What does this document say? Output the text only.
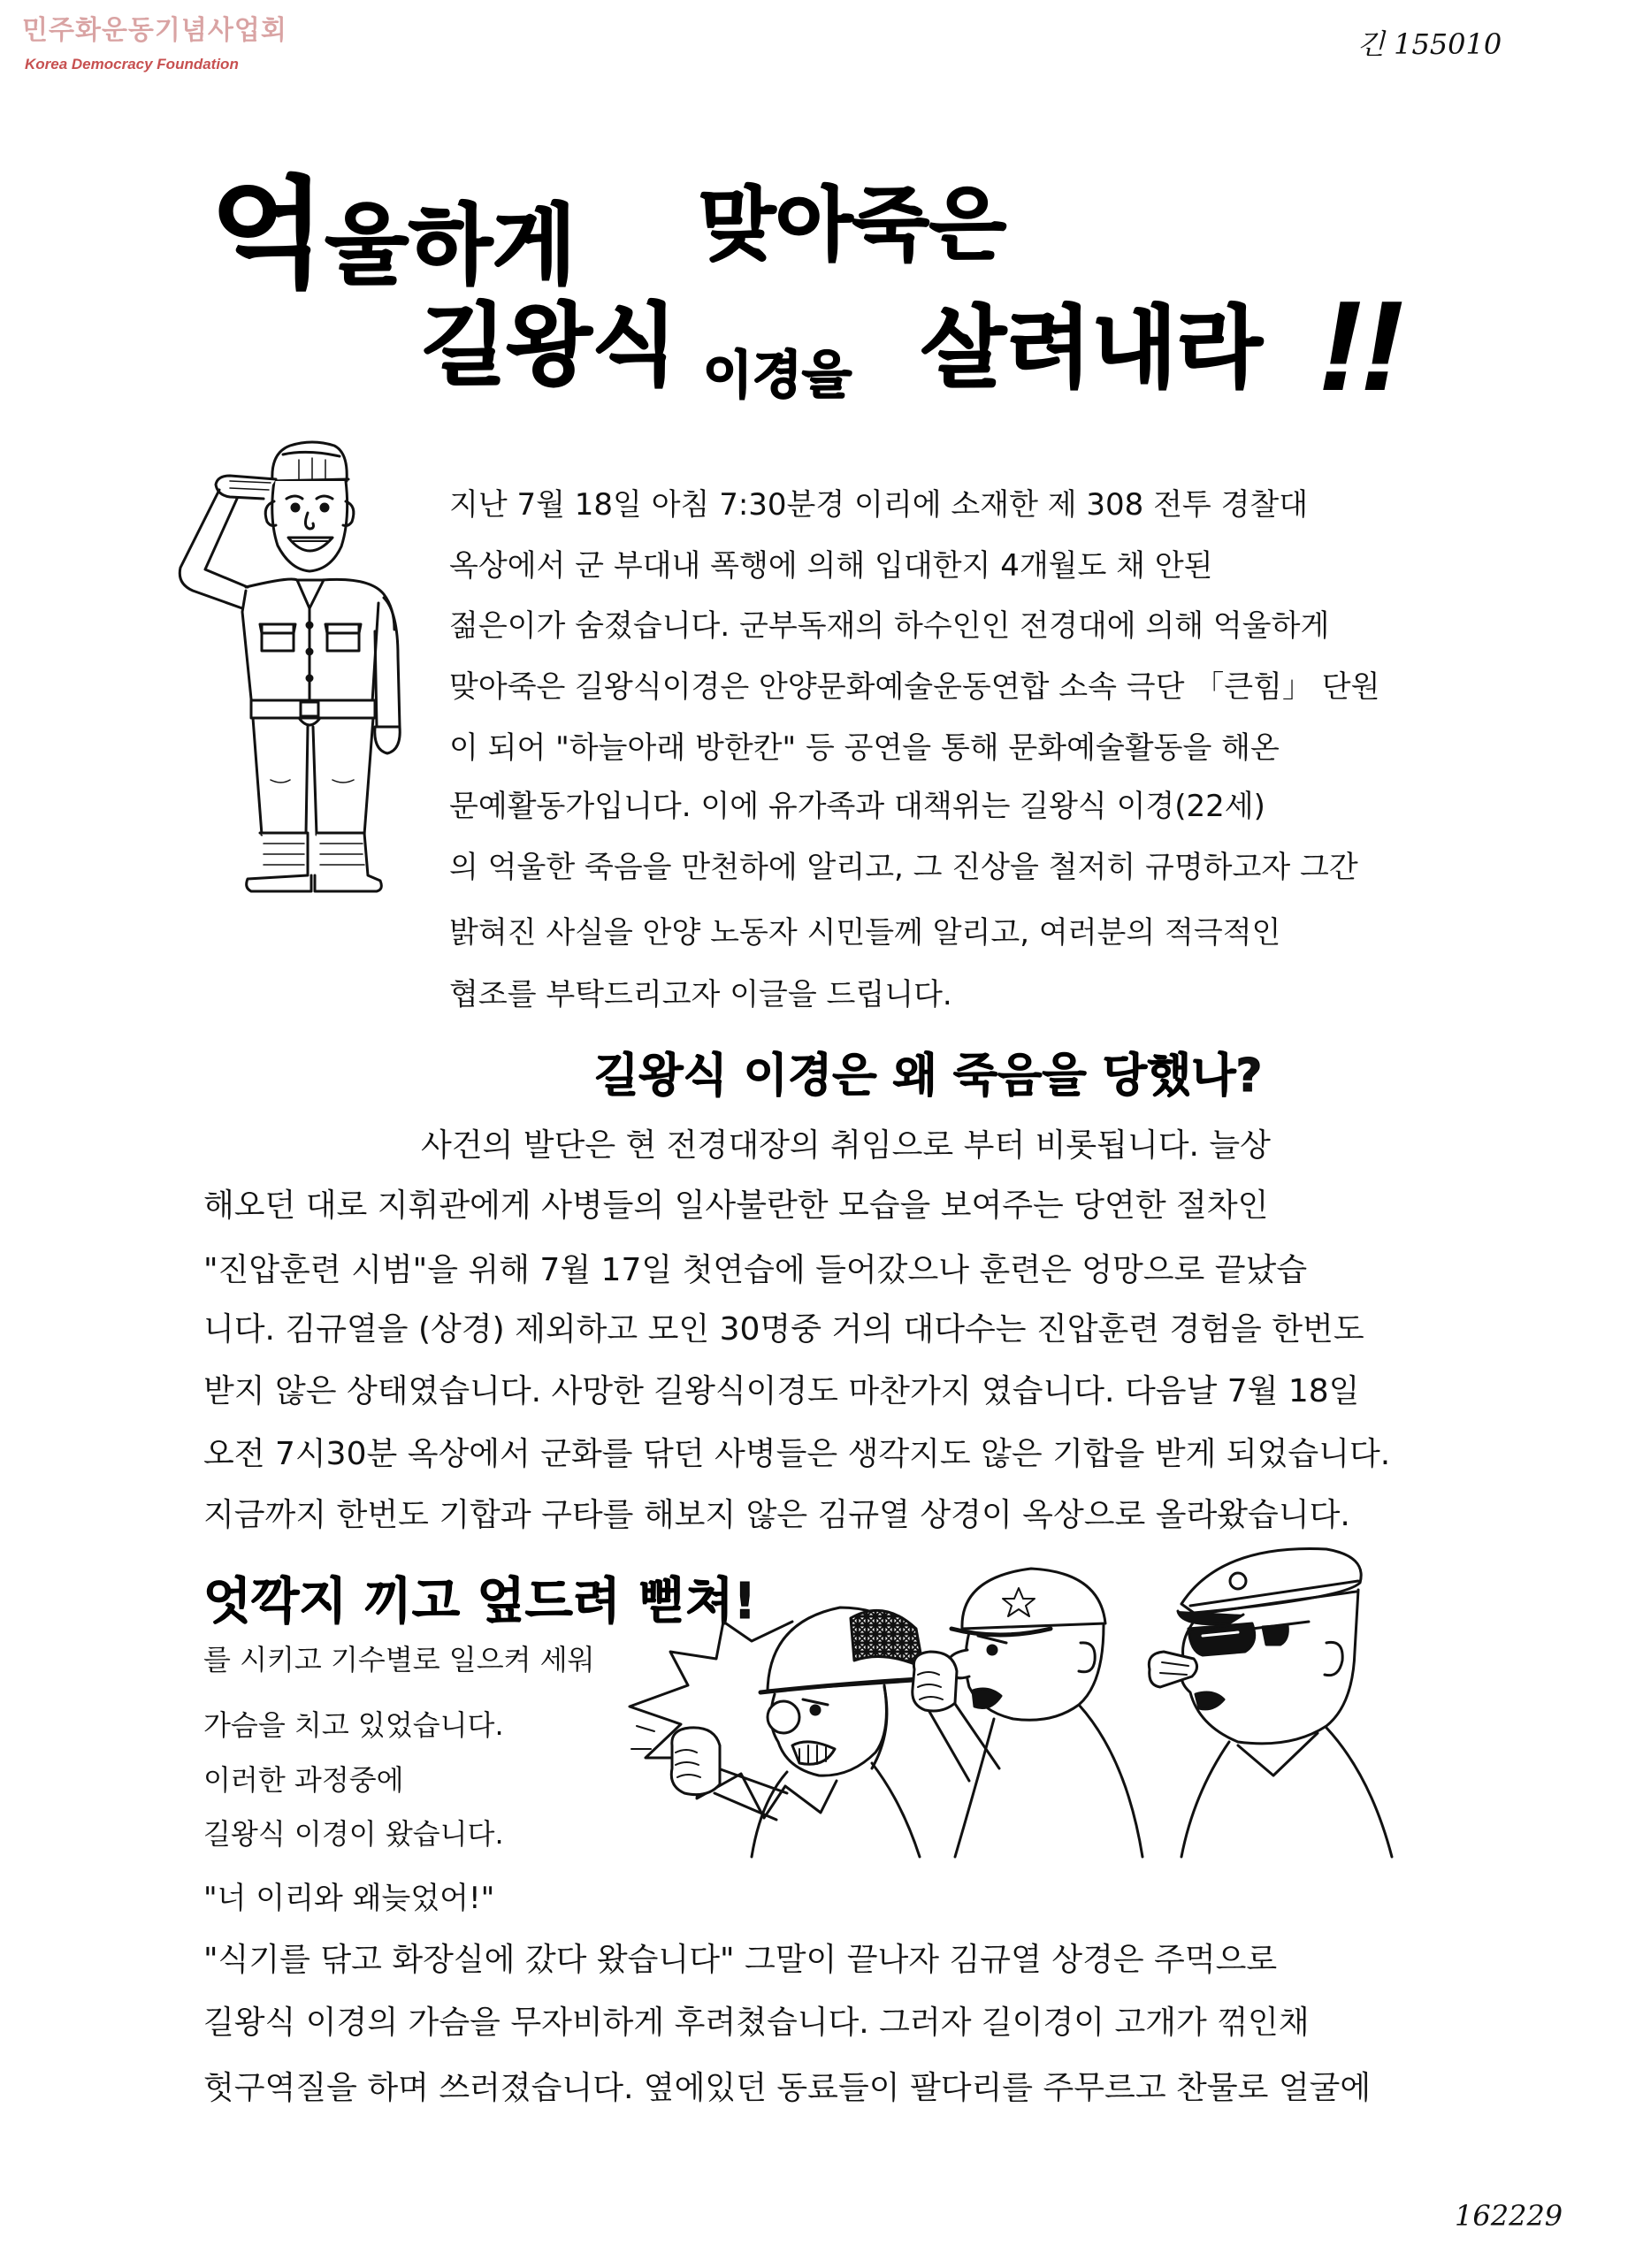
민주화운동기념사업회
Korea Democracy Foundation
긴 155010
억울하게 맞아죽은
길왕식 이경을 살려내라 !!
지난 7월 18일 아침 7:30분경 이리에 소재한 제 308 전투 경찰대
옥상에서 군 부대내 폭행에 의해 입대한지 4개월도 채 안된
젊은이가 숨졌습니다. 군부독재의 하수인인 전경대에 의해 억울하게
맞아죽은 길왕식이경은 안양문화예술운동연합 소속 극단 「큰힘」 단원
이 되어 "하늘아래 방한칸" 등 공연을 통해 문화예술활동을 해온
문예활동가입니다. 이에 유가족과 대책위는 길왕식 이경(22세)
의 억울한 죽음을 만천하에 알리고, 그 진상을 철저히 규명하고자 그간
밝혀진 사실을 안양 노동자 시민들께 알리고, 여러분의 적극적인
협조를 부탁드리고자 이글을 드립니다.
길왕식 이경은 왜 죽음을 당했나?
사건의 발단은 현 전경대장의 취임으로 부터 비롯됩니다. 늘상
해오던 대로 지휘관에게 사병들의 일사불란한 모습을 보여주는 당연한 절차인
"진압훈련 시범"을 위해 7월 17일 첫연습에 들어갔으나 훈련은 엉망으로 끝났습
니다. 김규열을 (상경) 제외하고 모인 30명중 거의 대다수는 진압훈련 경험을 한번도
받지 않은 상태였습니다. 사망한 길왕식이경도 마찬가지 였습니다. 다음날 7월 18일
오전 7시30분 옥상에서 군화를 닦던 사병들은 생각지도 않은 기합을 받게 되었습니다.
지금까지 한번도 기합과 구타를 해보지 않은 김규열 상경이 옥상으로 올라왔습니다.
엇깍지 끼고 엎드려 뻗쳐!
를 시키고 기수별로 일으켜 세워
가슴을 치고 있었습니다.
이러한 과정중에
길왕식 이경이 왔습니다.
"너 이리와 왜늦었어!"
"식기를 닦고 화장실에 갔다 왔습니다" 그말이 끝나자 김규열 상경은 주먹으로
길왕식 이경의 가슴을 무자비하게 후려쳤습니다. 그러자 길이경이 고개가 꺾인채
헛구역질을 하며 쓰러졌습니다. 옆에있던 동료들이 팔다리를 주무르고 찬물로 얼굴에
162229
